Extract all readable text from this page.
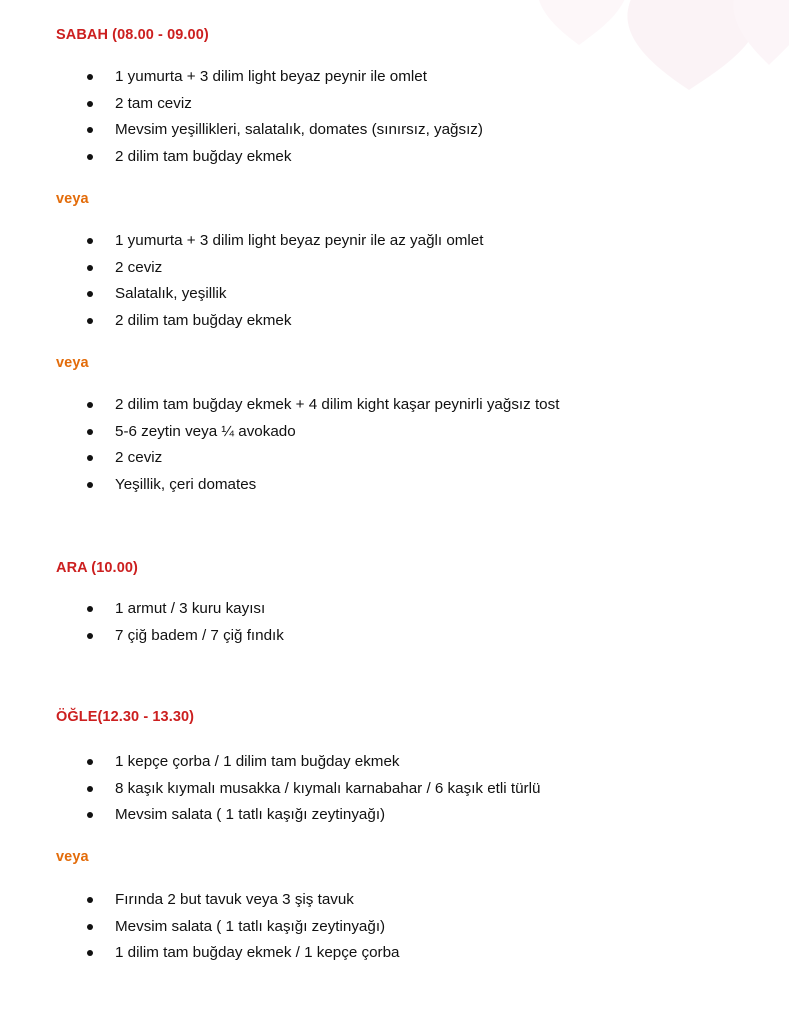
SABAH (08.00 - 09.00)
1 yumurta + 3 dilim light beyaz peynir ile omlet
2 tam ceviz
Mevsim yeşillikleri, salatalık, domates (sınırsız, yağsız)
2 dilim tam buğday ekmek
veya
1 yumurta + 3 dilim light beyaz peynir ile az yağlı omlet
2 ceviz
Salatalık, yeşillik
2 dilim tam buğday ekmek
veya
2 dilim tam buğday ekmek + 4 dilim kight kaşar peynirli yağsız tost
5-6 zeytin veya ¼ avokado
2 ceviz
Yeşillik, çeri domates
ARA (10.00)
1 armut / 3 kuru kayısı
7 çiğ badem / 7 çiğ fındık
ÖĞLE(12.30 - 13.30)
1 kepçe çorba / 1 dilim tam buğday ekmek
8 kaşık kıymalı musakka / kıymalı karnabahar / 6 kaşık etli türlü
Mevsim salata ( 1 tatlı kaşığı zeytinyağı)
veya
Fırında 2 but tavuk veya 3 şiş tavuk
Mevsim salata ( 1 tatlı kaşığı zeytinyağı)
1 dilim tam buğday ekmek / 1 kepçe çorba
